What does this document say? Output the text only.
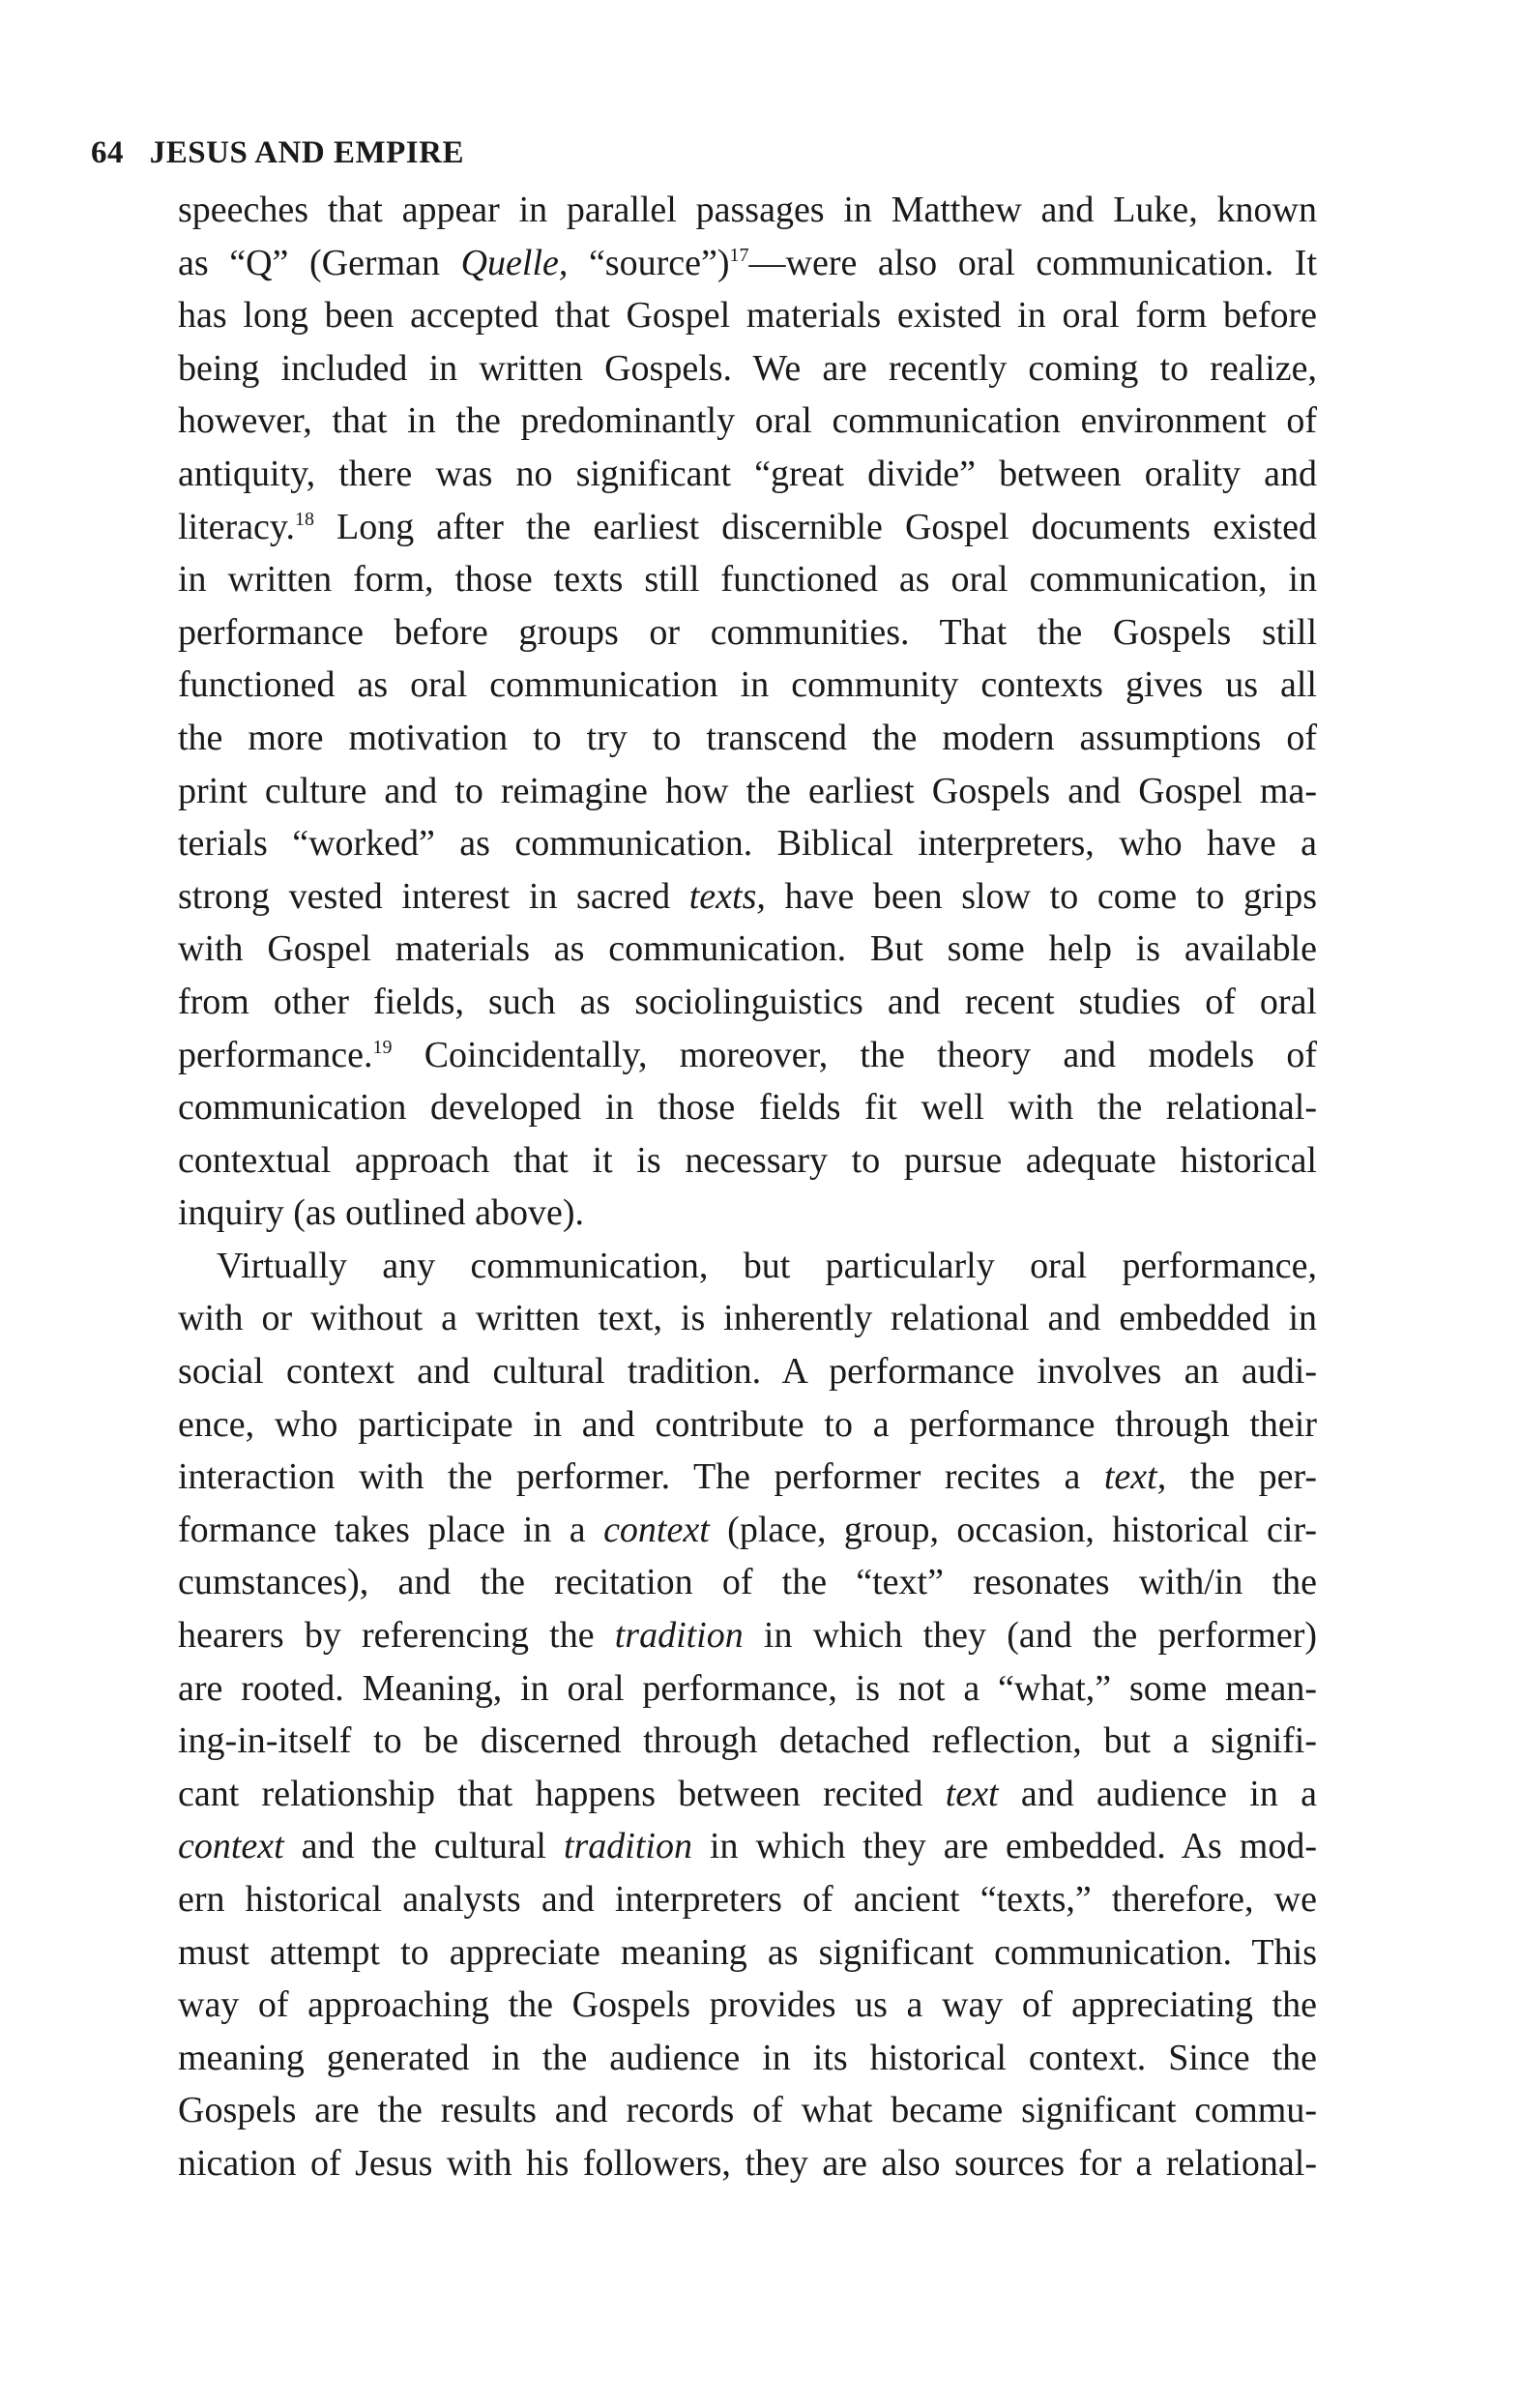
64 JESUS AND EMPIRE
speeches that appear in parallel passages in Matthew and Luke, known
as “Q” (German Quelle, “source”)$^{17}$—were also oral communication. It
has long been accepted that Gospel materials existed in oral form before
being included in written Gospels. We are recently coming to realize,
however, that in the predominantly oral communication environment of
antiquity, there was no significant “great divide” between orality and
literacy.$^{18}$ Long after the earliest discernible Gospel documents existed
in written form, those texts still functioned as oral communication, in
performance before groups or communities. That the Gospels still
functioned as oral communication in community contexts gives us all
the more motivation to try to transcend the modern assumptions of
print culture and to reimagine how the earliest Gospels and Gospel ma-
terials “worked” as communication. Biblical interpreters, who have a
strong vested interest in sacred texts, have been slow to come to grips
with Gospel materials as communication. But some help is available
from other fields, such as sociolinguistics and recent studies of oral
performance.$^{19}$ Coincidentally, moreover, the theory and models of
communication developed in those fields fit well with the relational-
contextual approach that it is necessary to pursue adequate historical
inquiry (as outlined above).
Virtually any communication, but particularly oral performance,
with or without a written text, is inherently relational and embedded in
social context and cultural tradition. A performance involves an audi-
ence, who participate in and contribute to a performance through their
interaction with the performer. The performer recites a text, the per-
formance takes place in a context (place, group, occasion, historical cir-
cumstances), and the recitation of the “text” resonates with/in the
hearers by referencing the tradition in which they (and the performer)
are rooted. Meaning, in oral performance, is not a “what,” some mean-
ing-in-itself to be discerned through detached reflection, but a signifi-
cant relationship that happens between recited text and audience in a
context and the cultural tradition in which they are embedded. As mod-
ern historical analysts and interpreters of ancient “texts,” therefore, we
must attempt to appreciate meaning as significant communication. This
way of approaching the Gospels provides us a way of appreciating the
meaning generated in the audience in its historical context. Since the
Gospels are the results and records of what became significant commu-
nication of Jesus with his followers, they are also sources for a relational-
